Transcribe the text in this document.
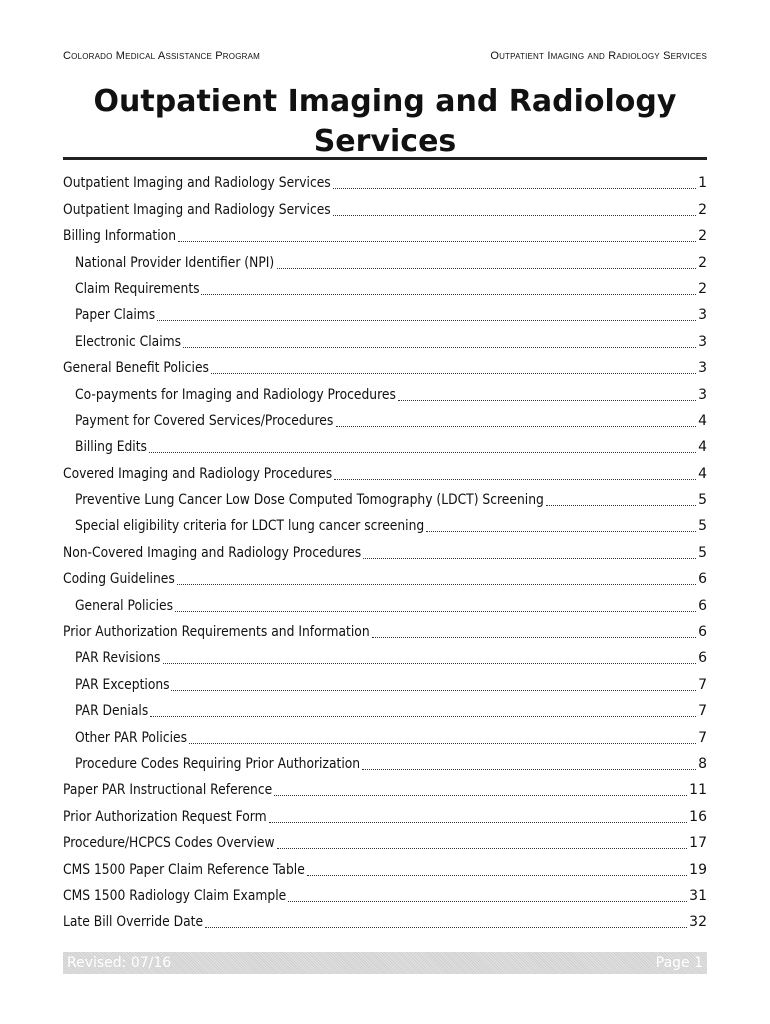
Colorado Medical Assistance Program	Outpatient Imaging and Radiology Services
Outpatient Imaging and Radiology
Services
Outpatient Imaging and Radiology Services	1
Outpatient Imaging and Radiology Services	2
Billing Information	2
National Provider Identifier (NPI)	2
Claim Requirements	2
Paper Claims	3
Electronic Claims	3
General Benefit Policies	3
Co-payments for Imaging and Radiology Procedures	3
Payment for Covered Services/Procedures	4
Billing Edits	4
Covered Imaging and Radiology Procedures	4
Preventive Lung Cancer Low Dose Computed Tomography (LDCT) Screening	5
Special eligibility criteria for LDCT lung cancer screening	5
Non-Covered Imaging and Radiology Procedures	5
Coding Guidelines	6
General Policies	6
Prior Authorization Requirements and Information	6
PAR Revisions	6
PAR Exceptions	7
PAR Denials	7
Other PAR Policies	7
Procedure Codes Requiring Prior Authorization	8
Paper PAR Instructional Reference	11
Prior Authorization Request Form	16
Procedure/HCPCS Codes Overview	17
CMS 1500 Paper Claim Reference Table	19
CMS 1500 Radiology Claim Example	31
Late Bill Override Date	32
Revised: 07/16	Page 1
